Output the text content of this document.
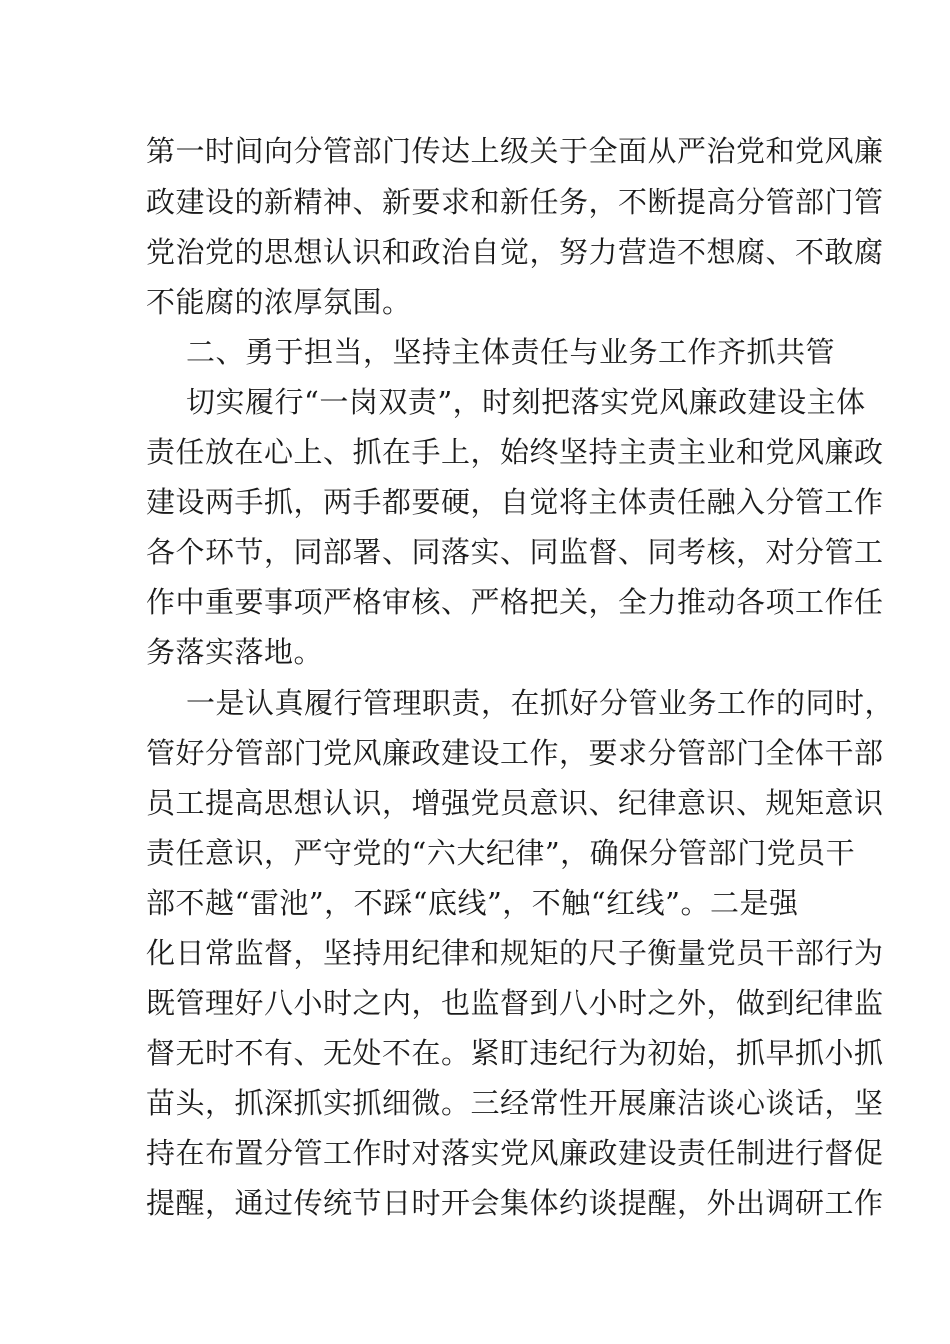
第一时间向分管部门传达上级关于全面从严治党和党风廉
政建设的新精神、新要求和新任务，不断提高分管部门管
党治党的思想认识和政治自觉，努力营造不想腐、不敢腐
不能腐的浓厚氛围。
二、勇于担当，坚持主体责任与业务工作齐抓共管
切实履行“一岗双责”，时刻把落实党风廉政建设主体
责任放在心上、抓在手上，始终坚持主责主业和党风廉政
建设两手抓，两手都要硬，自觉将主体责任融入分管工作
各个环节，同部署、同落实、同监督、同考核，对分管工
作中重要事项严格审核、严格把关，全力推动各项工作任
务落实落地。
一是认真履行管理职责，在抓好分管业务工作的同时，
管好分管部门党风廉政建设工作，要求分管部门全体干部
员工提高思想认识，增强党员意识、纪律意识、规矩意识
责任意识，严守党的“六大纪律”，确保分管部门党员干
部不越“雷池”，不踩“底线”，不触“红线”。二是强
化日常监督，坚持用纪律和规矩的尺子衡量党员干部行为
既管理好八小时之内，也监督到八小时之外，做到纪律监
督无时不有、无处不在。紧盯违纪行为初始，抓早抓小抓
苗头，抓深抓实抓细微。三经常性开展廉洁谈心谈话，坚
持在布置分管工作时对落实党风廉政建设责任制进行督促
提醒，通过传统节日时开会集体约谈提醒，外出调研工作
